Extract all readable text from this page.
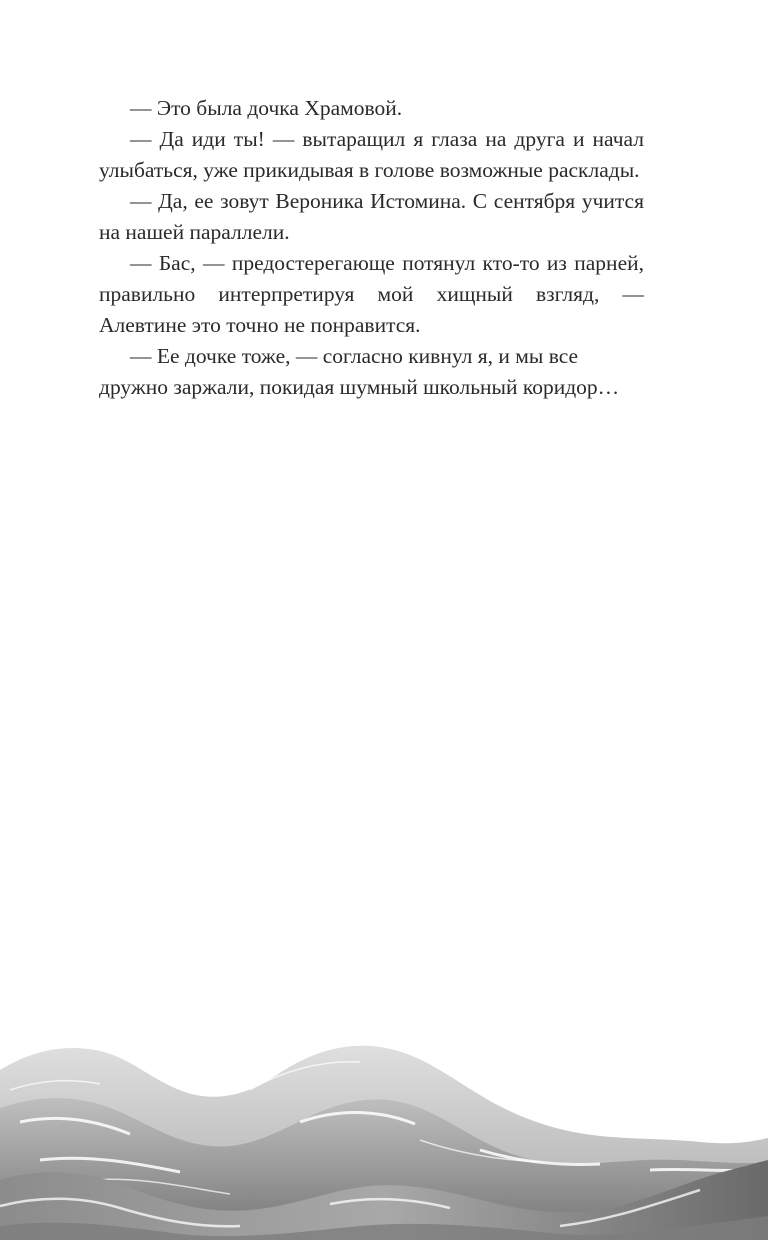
— Это была дочка Храмовой.

— Да иди ты! — вытаращил я глаза на друга и начал улыбаться, уже прикидывая в голове возможные расклады.

— Да, ее зовут Вероника Истомина. С сентября учится на нашей параллели.

— Бас, — предостерегающе потянул кто-то из парней, правильно интерпретируя мой хищный взгляд, — Алевтине это точно не понравится.

— Ее дочке тоже, — согласно кивнул я, и мы все дружно заржали, покидая шумный школьный коридор…
